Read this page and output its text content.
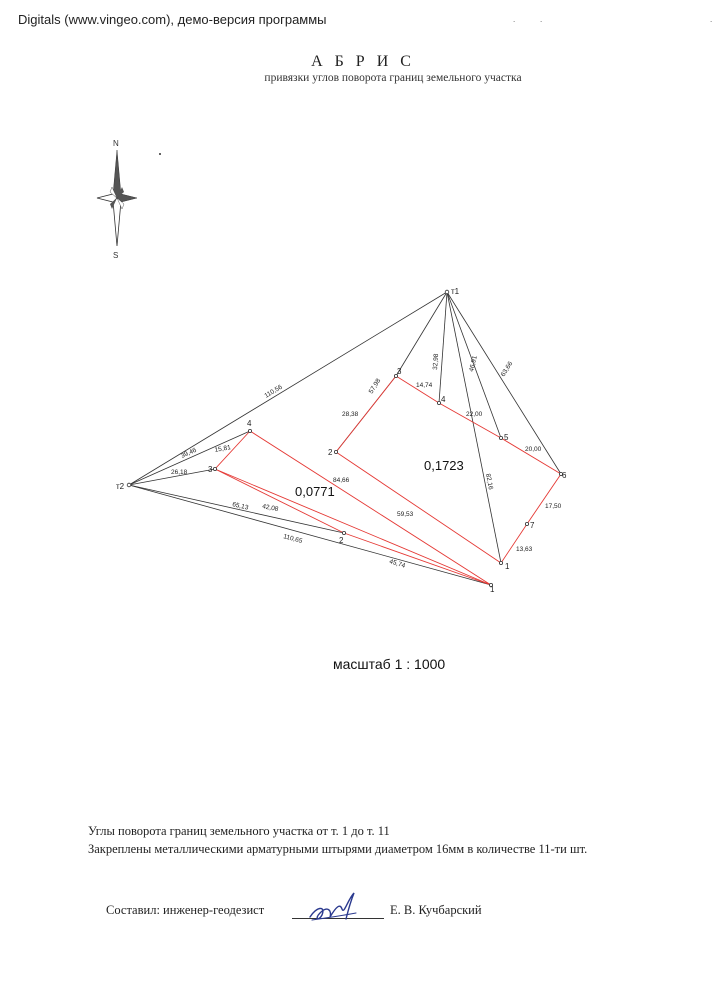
Digitals (www.vingeo.com), демо-версия программы
А Б Р И С
привязки углов поворота границ земельного участка
N
S
т1
т2
4
3
2
1
2
3
4
5
6
7
1
0,0771
0,1723
110,56
39,46
26,18
65,13
110,65
15,81
42,08
45,74
84,66
57,98
32,98	46,91	63,66
82,16
28,38
14,74
22,00
20,00
17,50
13,63
59,53
.	.	.
масштаб 1 : 1000
Углы поворота границ земельного участка от т. 1 до т. 11
Закреплены металлическими арматурными штырями диаметром 16мм в количестве 11-ти шт.
Составил: инженер-геодезист	Е. В. Кучбарский
